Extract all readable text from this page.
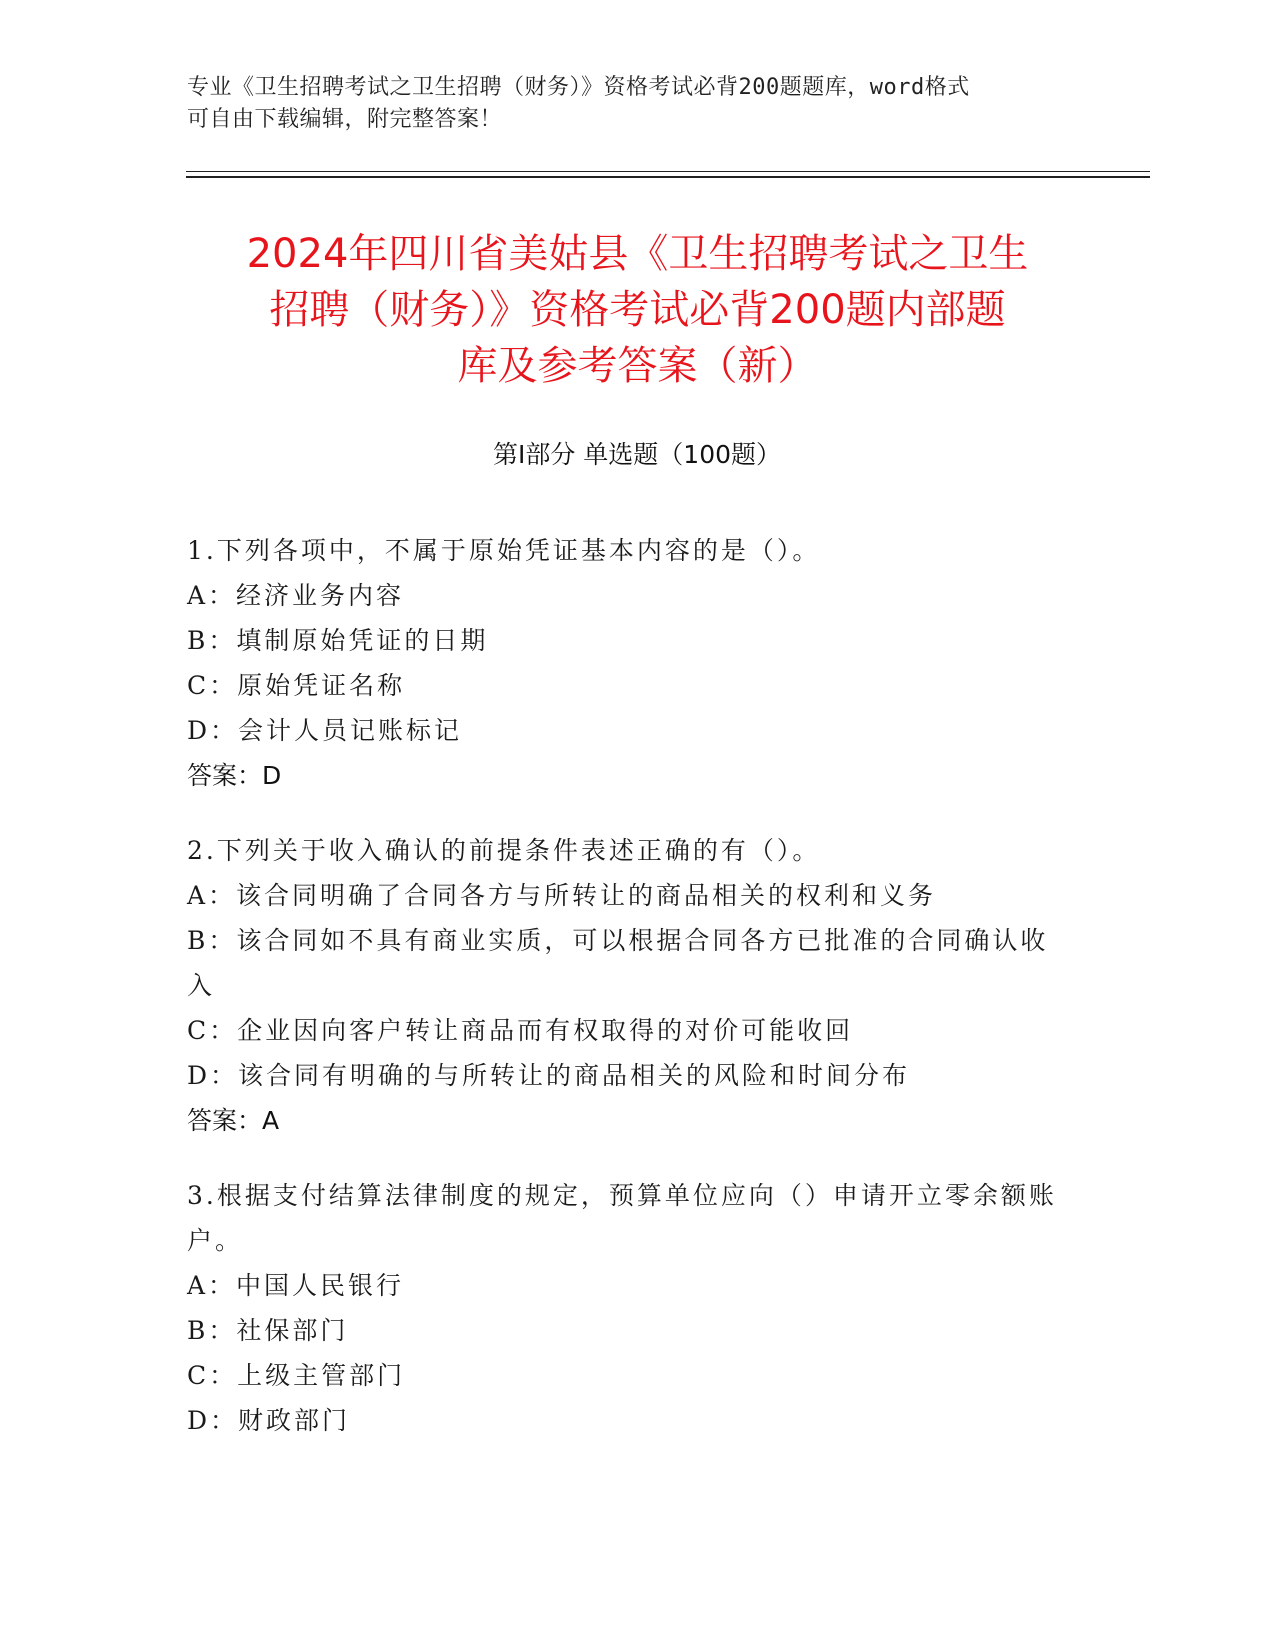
专业《卫生招聘考试之卫生招聘（财务）》资格考试必背200题题库，word格式
可自由下载编辑，附完整答案！
2024年四川省美姑县《卫生招聘考试之卫生
招聘（财务）》资格考试必背200题内部题
库及参考答案（新）
第Ⅰ部分 单选题（100题）

1.下列各项中，不属于原始凭证基本内容的是（）。

A：经济业务内容

B：填制原始凭证的日期

C：原始凭证名称

D：会计人员记账标记

答案：D

2.下列关于收入确认的前提条件表述正确的有（）。

A：该合同明确了合同各方与所转让的商品相关的权利和义务

B：该合同如不具有商业实质，可以根据合同各方已批准的合同确认收入

C：企业因向客户转让商品而有权取得的对价可能收回

D：该合同有明确的与所转让的商品相关的风险和时间分布

答案：A

3.根据支付结算法律制度的规定，预算单位应向（）申请开立零余额账户。

A：中国人民银行

B：社保部门

C：上级主管部门

D：财政部门
